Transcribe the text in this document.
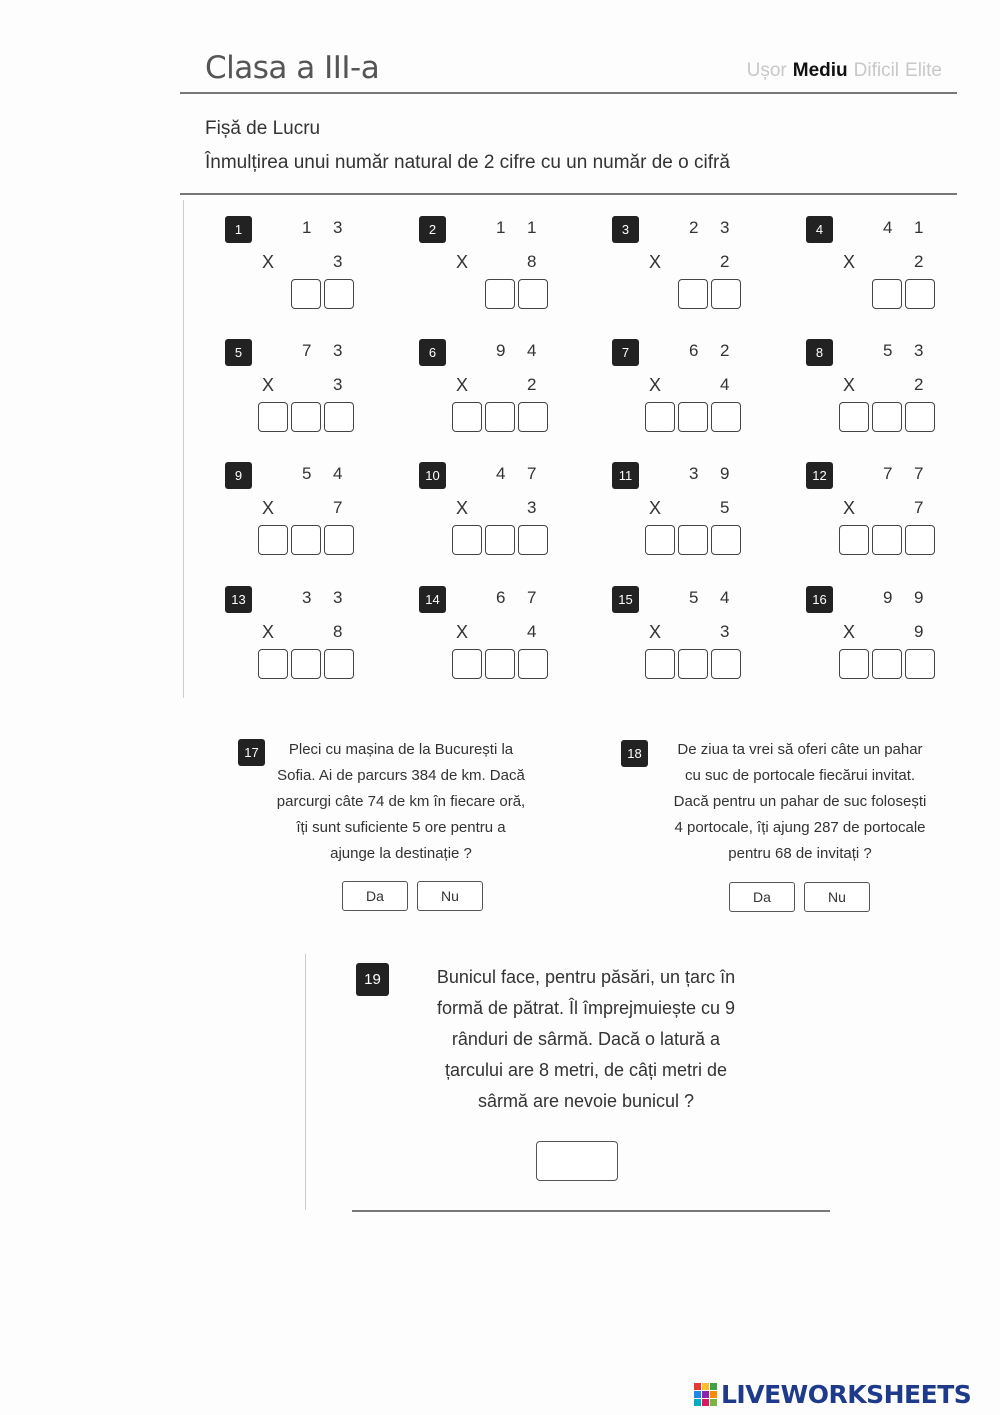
Clasa a III-a	Ușor Mediu Dificil Elite
Fișă de Lucru
Înmulțirea unui număr natural de 2 cifre cu un număr de o cifră
1	1 3
X	3
2	1 1
X	8
3	2 3
X	2
4	4 1
X	2
5	7 3
X	3
6	9 4
X	2
7	6 2
X	4
8	5 3
X	2
9	5 4
X	7
10	4 7
X	3
11	3 9
X	5
12	7 7
X	7
13	3 3
X	8
14	6 7
X	4
15	5 4
X	3
16	9 9
X	9
17	Pleci cu mașina de la București la
Sofia. Ai de parcurs 384 de km. Dacă
parcurgi câte 74 de km în fiecare oră,
îți sunt suficiente 5 ore pentru a
ajunge la destinație ?
Da	Nu
18	De ziua ta vrei să oferi câte un pahar
cu suc de portocale fiecărui invitat.
Dacă pentru un pahar de suc folosești
4 portocale, îți ajung 287 de portocale
pentru 68 de invitați ?
Da	Nu
19	Bunicul face, pentru păsări, un țarc în
formă de pătrat. Îl împrejmuiește cu 9
rânduri de sârmă. Dacă o latură a
țarcului are 8 metri, de câți metri de
sârmă are nevoie bunicul ?
LIVEWORKSHEETS
